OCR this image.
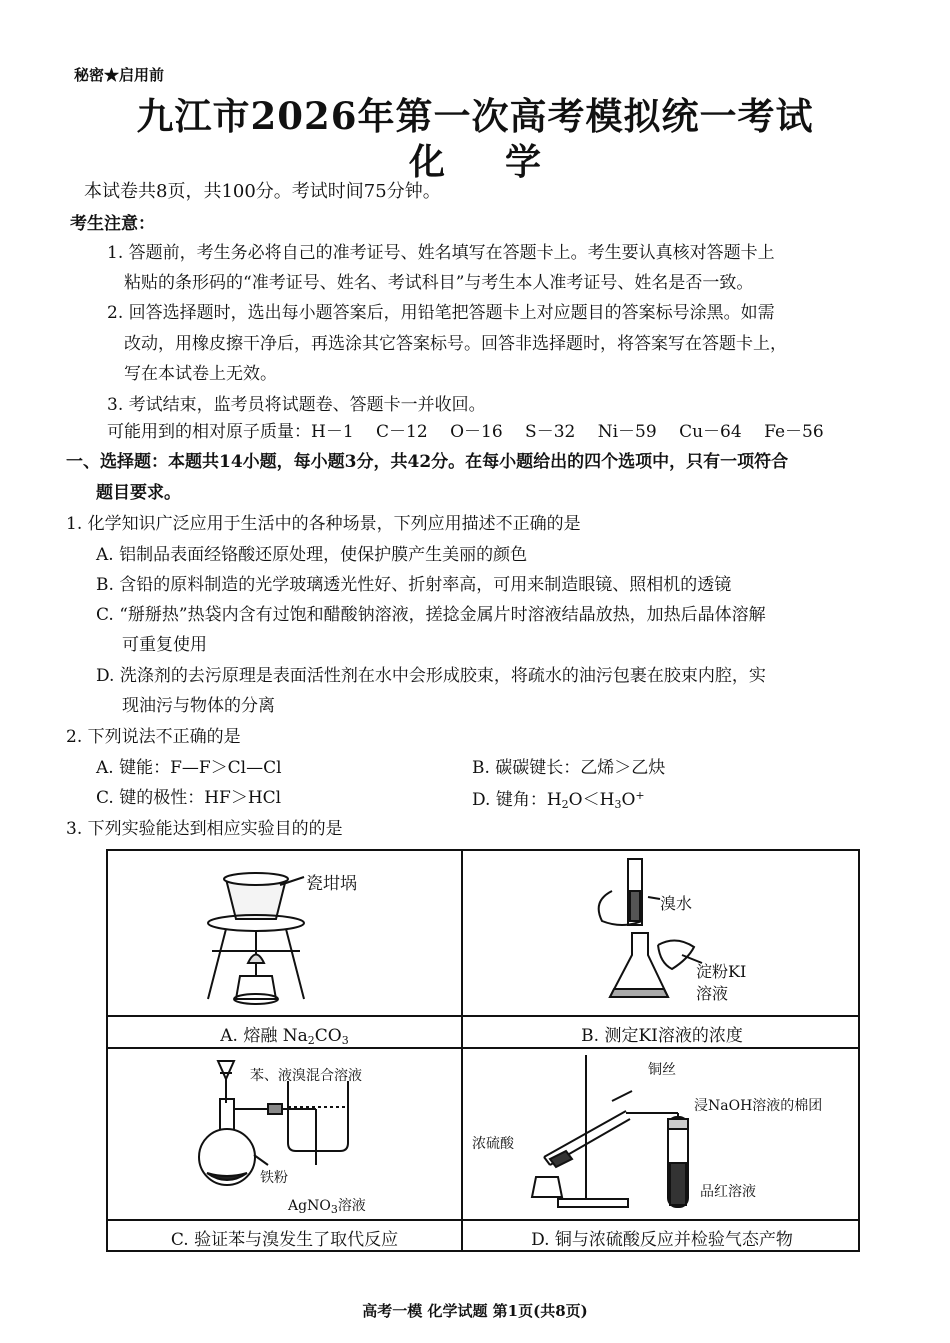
秘密★启用前
九江市2026年第一次高考模拟统一考试
化学
本试卷共8页，共100分。考试时间75分钟。
考生注意：
1. 答题前，考生务必将自己的准考证号、姓名填写在答题卡上。考生要认真核对答题卡上
粘贴的条形码的“准考证号、姓名、考试科目”与考生本人准考证号、姓名是否一致。
2. 回答选择题时，选出每小题答案后，用铅笔把答题卡上对应题目的答案标号涂黑。如需
改动，用橡皮擦干净后，再选涂其它答案标号。回答非选择题时，将答案写在答题卡上，
写在本试卷上无效。
3. 考试结束，监考员将试题卷、答题卡一并收回。
可能用到的相对原子质量：H－1　 C－12　 O－16　 S－32　 Ni－59　 Cu－64　 Fe－56
一、选择题：本题共14小题，每小题3分，共42分。在每小题给出的四个选项中，只有一项符合
题目要求。
1. 化学知识广泛应用于生活中的各种场景，下列应用描述不正确的是
A. 铝制品表面经铬酸还原处理，使保护膜产生美丽的颜色
B. 含铅的原料制造的光学玻璃透光性好、折射率高，可用来制造眼镜、照相机的透镜
C. “掰掰热”热袋内含有过饱和醋酸钠溶液，搓捻金属片时溶液结晶放热，加热后晶体溶解
可重复使用
D. 洗涤剂的去污原理是表面活性剂在水中会形成胶束，将疏水的油污包裹在胶束内腔，实
现油污与物体的分离
2. 下列说法不正确的是
A. 键能：F—F＞Cl—Cl	B. 碳碳键长：乙烯＞乙炔
C. 键的极性：HF＞HCl	D. 键角：$H_2O<H_3O^+$
3. 下列实验能达到相应实验目的的是
瓷坩埚
A. 熔融 $Na_2CO_3$
溴水
淀粉KI
溶液
B. 测定KI溶液的浓度
苯、液溴混合溶液
铁粉
AgNO$_3$溶液
C. 验证苯与溴发生了取代反应
铜丝
浸NaOH溶液的棉团
浓硫酸
品红溶液
D. 铜与浓硫酸反应并检验气态产物
高考一模 化学试题 第1页(共8页)
